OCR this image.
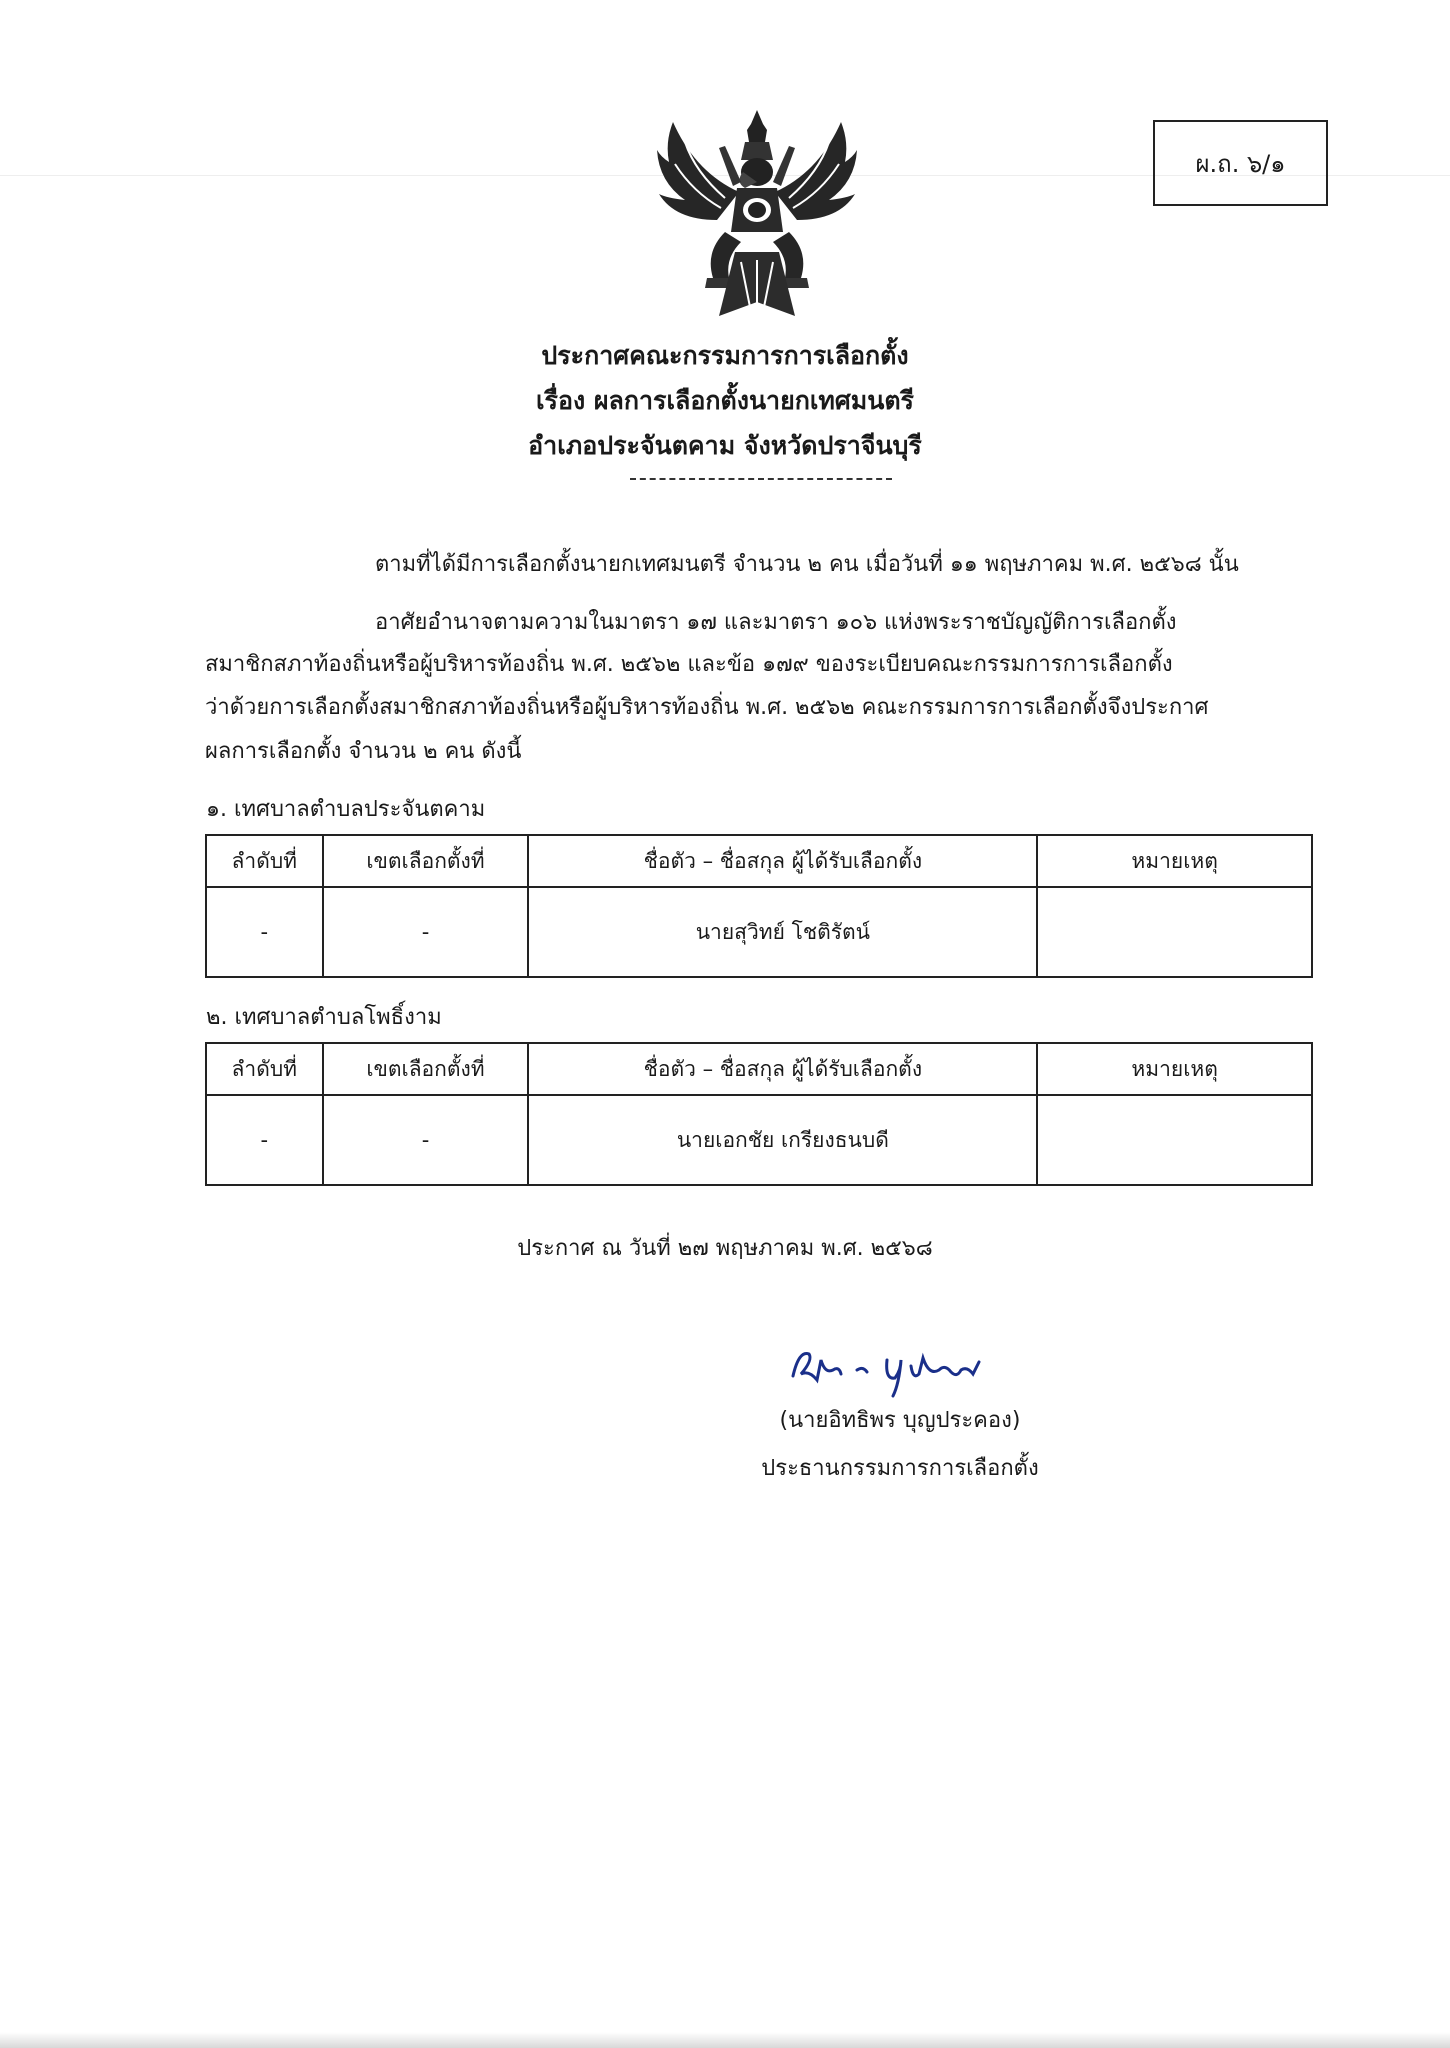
ผ.ถ. ๖/๑
ประกาศคณะกรรมการการเลือกตั้ง
เรื่อง ผลการเลือกตั้งนายกเทศมนตรี
อำเภอประจันตคาม จังหวัดปราจีนบุรี
ตามที่ได้มีการเลือกตั้งนายกเทศมนตรี จำนวน ๒ คน เมื่อวันที่ ๑๑ พฤษภาคม พ.ศ. ๒๕๖๘ นั้น
อาศัยอำนาจตามความในมาตรา ๑๗ และมาตรา ๑๐๖ แห่งพระราชบัญญัติการเลือกตั้ง
สมาชิกสภาท้องถิ่นหรือผู้บริหารท้องถิ่น พ.ศ. ๒๕๖๒ และข้อ ๑๗๙ ของระเบียบคณะกรรมการการเลือกตั้ง
ว่าด้วยการเลือกตั้งสมาชิกสภาท้องถิ่นหรือผู้บริหารท้องถิ่น พ.ศ. ๒๕๖๒ คณะกรรมการการเลือกตั้งจึงประกาศ
ผลการเลือกตั้ง จำนวน ๒ คน ดังนี้
๑. เทศบาลตำบลประจันตคาม
ลำดับที่	เขตเลือกตั้งที่	ชื่อตัว – ชื่อสกุล ผู้ได้รับเลือกตั้ง	หมายเหตุ
-	-	นายสุวิทย์ โชติรัตน์	
๒. เทศบาลตำบลโพธิ์งาม
ลำดับที่	เขตเลือกตั้งที่	ชื่อตัว – ชื่อสกุล ผู้ได้รับเลือกตั้ง	หมายเหตุ
-	-	นายเอกชัย เกรียงธนบดี	
ประกาศ ณ วันที่ ๒๗ พฤษภาคม พ.ศ. ๒๕๖๘
(นายอิทธิพร บุญประคอง)
ประธานกรรมการการเลือกตั้ง
